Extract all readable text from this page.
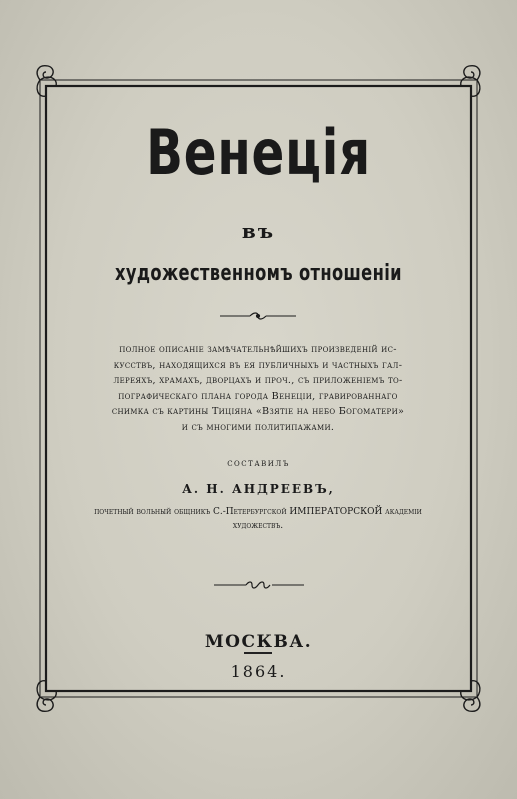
Венеція
въ
художественномъ отношеніи
полное описаніе замѣчательнѣйшихъ произведеній ис-
кусствъ, находящихся въ ея публичныхъ и частныхъ гал-
лереяхъ, храмахъ, дворцахъ и проч., съ приложеніемъ то-
пографическаго плана города Венеціи, гравированнаго
снимка съ картины Тиціяна «Взятіе на небо Богоматери»
и съ многими политипажами.
составилъ
А. Н. АНДРЕЕВЪ,
почетный вольный общникъ С.-Петербургской ИМПЕРАТОРСКОЙ академіи
художествъ.
МОСКВА.
1864.
